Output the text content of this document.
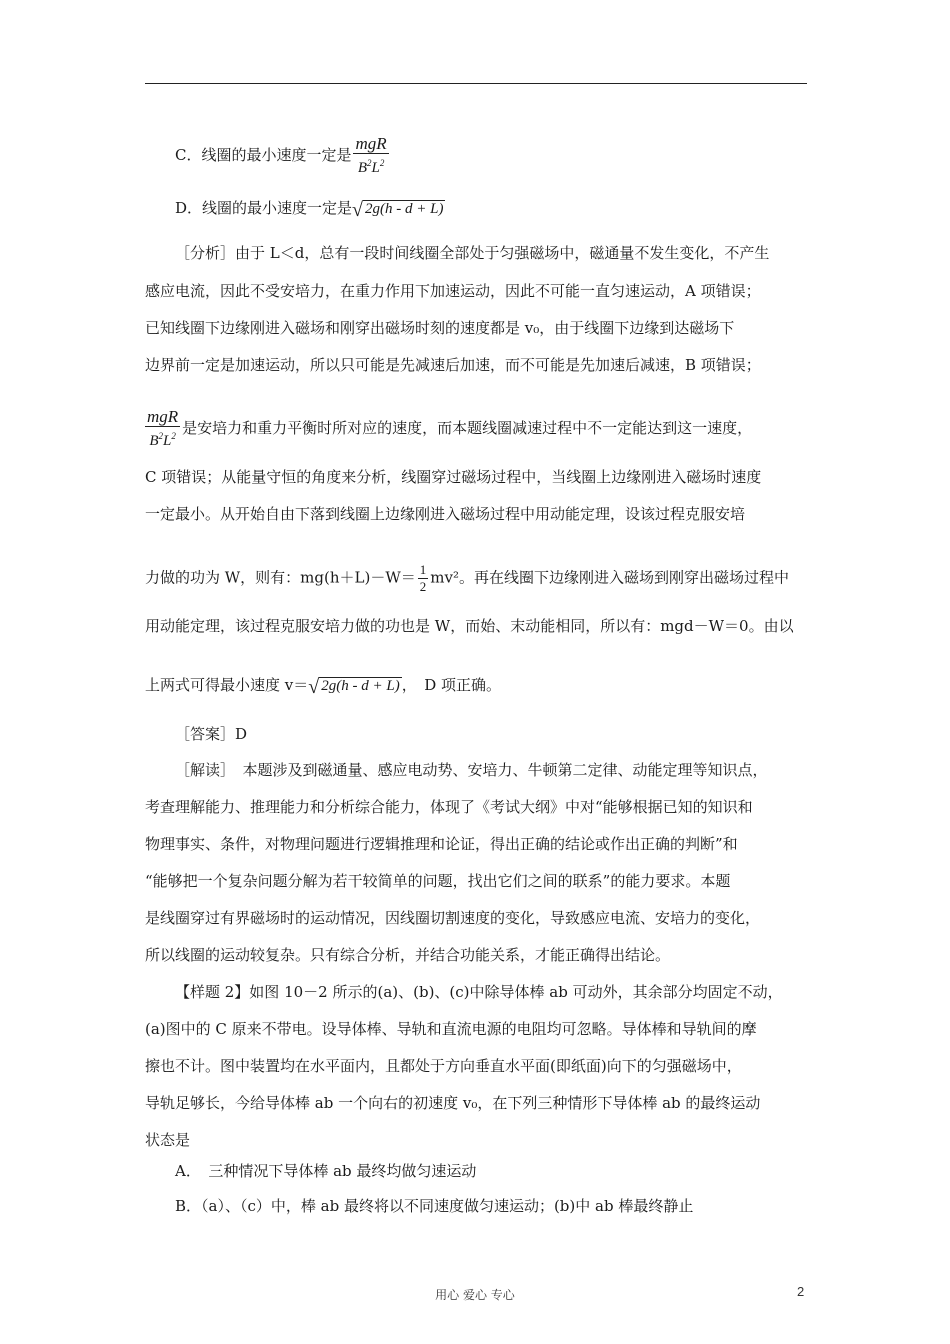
C．线圈的最小速度一定是 $\frac{\text{mgR}}{B^2L^2}$
D．线圈的最小速度一定是√ 2g(h - d + L)
［分析］由于 L＜d，总有一段时间线圈全部处于匀强磁场中，磁通量不发生变化，不产生
感应电流，因此不受安培力，在重力作用下加速运动，因此不可能一直匀速运动，A 项错误；
已知线圈下边缘刚进入磁场和刚穿出磁场时刻的速度都是 v₀，由于线圈下边缘到达磁场下
边界前一定是加速运动，所以只可能是先减速后加速，而不可能是先加速后减速，B 项错误；
$\frac{\text{mgR}}{B^2L^2}$ 是安培力和重力平衡时所对应的速度，而本题线圈减速过程中不一定能达到这一速度，
C 项错误；从能量守恒的角度来分析，线圈穿过磁场过程中，当线圈上边缘刚进入磁场时速度
一定最小。从开始自由下落到线圈上边缘刚进入磁场过程中用动能定理，设该过程克服安培
力做的功为 W，则有：$mg(h+L)-W= \frac{1}{2} mv^2$。再在线圈下边缘刚进入磁场到刚穿出磁场过程中
用动能定理，该过程克服安培力做的功也是 W，而始、末动能相同，所以有：mgd－W＝0。由以
上两式可得最小速度 v＝√ 2g(h - d + L) ，　D 项正确。
［答案］D
［解读］　本题涉及到磁通量、感应电动势、安培力、牛顿第二定律、动能定理等知识点，
考查理解能力、推理能力和分析综合能力，体现了《考试大纲》中对“能够根据已知的知识和
物理事实、条件，对物理问题进行逻辑推理和论证，得出正确的结论或作出正确的判断”和
“能够把一个复杂问题分解为若干较简单的问题，找出它们之间的联系”的能力要求。本题
是线圈穿过有界磁场时的运动情况，因线圈切割速度的变化，导致感应电流、安培力的变化，
所以线圈的运动较复杂。只有综合分析，并结合功能关系，才能正确得出结论。
【样题 2】如图 10－2 所示的(a)、(b)、(c)中除导体棒 ab 可动外，其余部分均固定不动，
(a)图中的 C 原来不带电。设导体棒、导轨和直流电源的电阻均可忽略。导体棒和导轨间的摩
擦也不计。图中装置均在水平面内，且都处于方向垂直水平面(即纸面)向下的匀强磁场中，
导轨足够长，今给导体棒 ab 一个向右的初速度 v₀，在下列三种情形下导体棒 ab 的最终运动
状态是
A．　三种情况下导体棒 ab 最终均做匀速运动
B．（a）、（c）中，棒 ab 最终将以不同速度做匀速运动；(b)中 ab 棒最终静止
用心 爱心 专心	2
